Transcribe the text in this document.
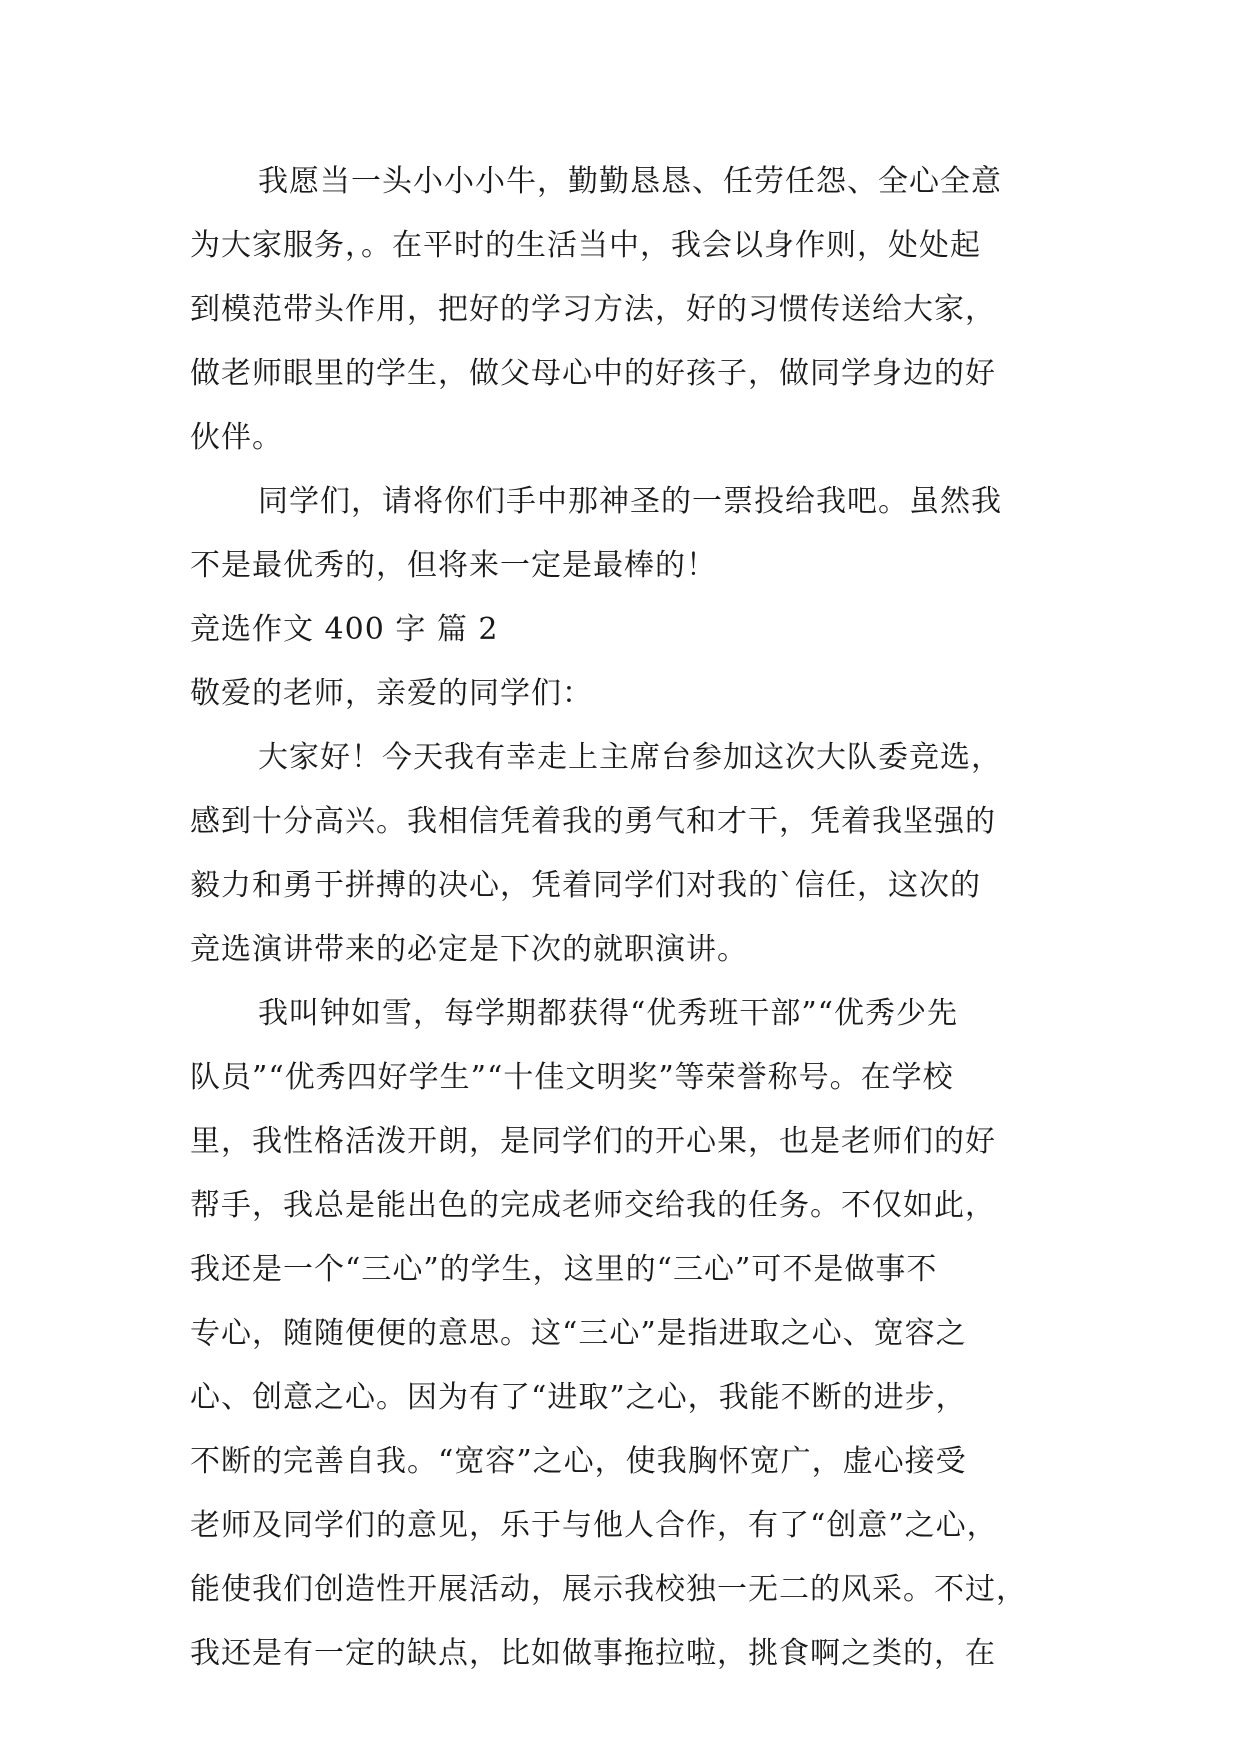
我愿当一头小小小牛，勤勤恳恳、任劳任怨、全心全意
为大家服务，。在平时的生活当中，我会以身作则，处处起
到模范带头作用，把好的学习方法，好的习惯传送给大家，
做老师眼里的学生，做父母心中的好孩子，做同学身边的好
伙伴。
同学们，请将你们手中那神圣的一票投给我吧。虽然我
不是最优秀的，但将来一定是最棒的！
竞选作文 400 字 篇 2
敬爱的老师，亲爱的同学们：
大家好！今天我有幸走上主席台参加这次大队委竞选，
感到十分高兴。我相信凭着我的勇气和才干，凭着我坚强的
毅力和勇于拼搏的决心，凭着同学们对我的`信任，这次的
竞选演讲带来的必定是下次的就职演讲。
我叫钟如雪，每学期都获得“优秀班干部”“优秀少先
队员”“优秀四好学生”“十佳文明奖”等荣誉称号。在学校
里，我性格活泼开朗，是同学们的开心果，也是老师们的好
帮手，我总是能出色的完成老师交给我的任务。不仅如此，
我还是一个“三心”的学生，这里的“三心”可不是做事不
专心，随随便便的意思。这“三心”是指进取之心、宽容之
心、创意之心。因为有了“进取”之心，我能不断的进步，
不断的完善自我。“宽容”之心，使我胸怀宽广，虚心接受
老师及同学们的意见，乐于与他人合作，有了“创意”之心，
能使我们创造性开展活动，展示我校独一无二的风采。不过，
我还是有一定的缺点，比如做事拖拉啦，挑食啊之类的，在
